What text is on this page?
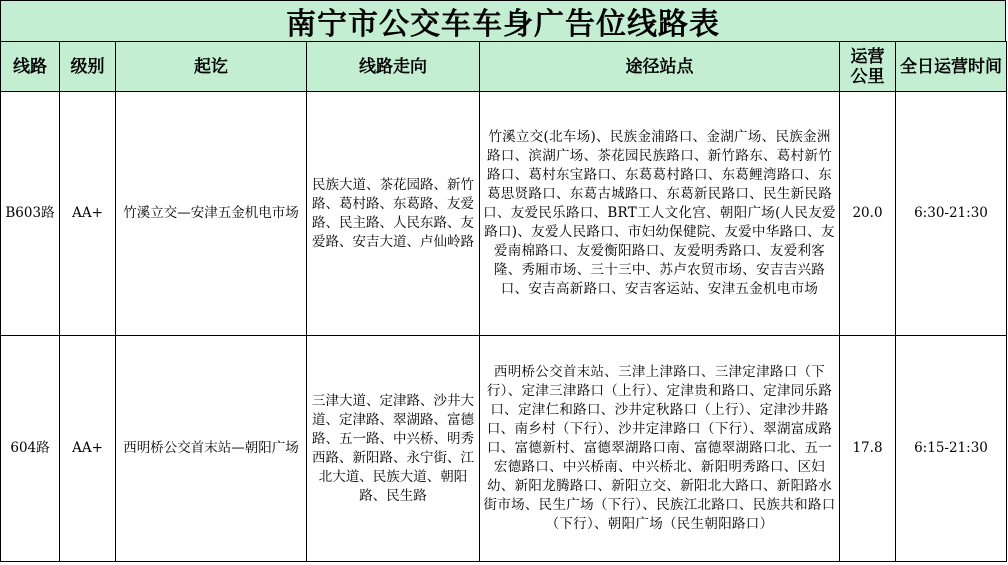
南宁市公交车车身广告位线路表
线路	级别	起讫	线路走向	途径站点	运营公里	全日运营时间
B603路	AA+	竹溪立交—安津五金机电市场	民族大道、茶花园路、新竹路、葛村路、东葛路、友爱路、民主路、人民东路、友爱路、安吉大道、卢仙岭路	竹溪立交(北车场)、民族金浦路口、金湖广场、民族金洲路口、滨湖广场、茶花园民族路口、新竹路东、葛村新竹路口、葛村东宝路口、东葛葛村路口、东葛鲤湾路口、东葛思贤路口、东葛古城路口、东葛新民路口、民生新民路口、友爱民乐路口、BRT工人文化宫、朝阳广场(人民友爱路口)、友爱人民路口、市妇幼保健院、友爱中华路口、友爱南棉路口、友爱衡阳路口、友爱明秀路口、友爱利客隆、秀厢市场、三十三中、苏卢农贸市场、安吉吉兴路口、安吉高新路口、安吉客运站、安津五金机电市场	20.0	6:30-21:30
604路	AA+	西明桥公交首末站—朝阳广场	三津大道、定津路、沙井大道、定津路、翠湖路、富德路、五一路、中兴桥、明秀西路、新阳路、永宁街、江北大道、民族大道、朝阳路、民生路	西明桥公交首末站、三津上津路口、三津定津路口（下行）、定津三津路口（上行）、定津贵和路口、定津同乐路口、定津仁和路口、沙井定秋路口（上行）、定津沙井路口、南乡村（下行）、沙井定津路口（下行）、翠湖富成路口、富德新村、富德翠湖路口南、富德翠湖路口北、五一宏德路口、中兴桥南、中兴桥北、新阳明秀路口、区妇幼、新阳龙腾路口、新阳立交、新阳北大路口、新阳路水街市场、民生广场（下行）、民族江北路口、民族共和路口（下行）、朝阳广场（民生朝阳路口）	17.8	6:15-21:30
